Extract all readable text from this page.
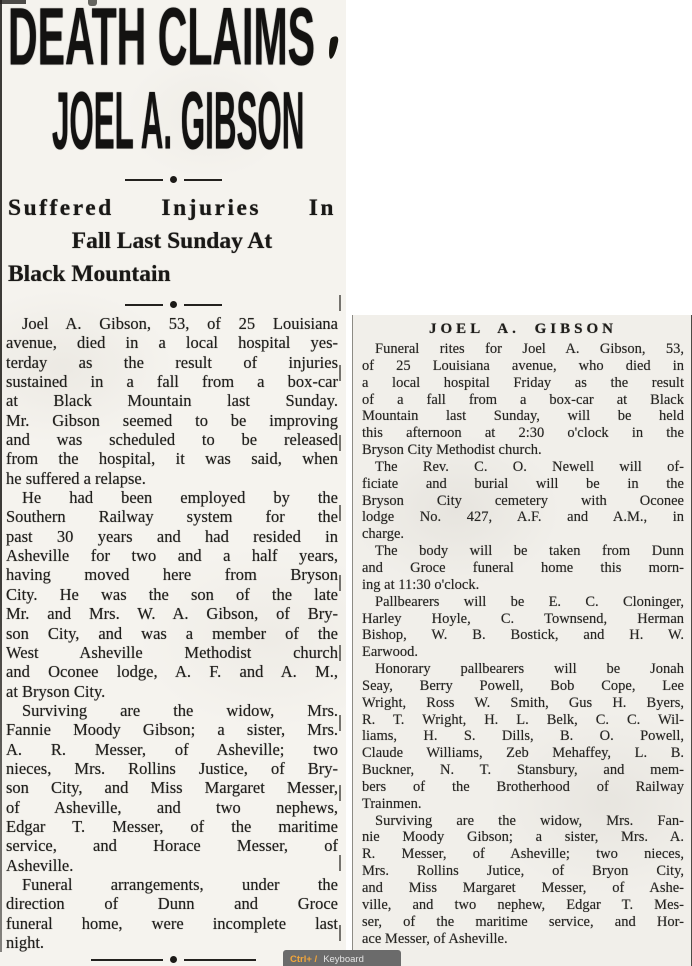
DEATH CLAIMS
JOEL A. GIBSON
Suffered Injuries In
Fall Last Sunday At
Black Mountain
Joel A. Gibson, 53, of 25 Louisiana
avenue, died in a local hospital yes-
terday as the result of injuries
sustained in a fall from a box-car
at Black Mountain last Sunday.
Mr. Gibson seemed to be improving
and was scheduled to be released
from the hospital, it was said, when
he suffered a relapse.
He had been employed by the
Southern Railway system for the
past 30 years and had resided in
Asheville for two and a half years,
having moved here from Bryson
City. He was the son of the late
Mr. and Mrs. W. A. Gibson, of Bry-
son City, and was a member of the
West Asheville Methodist church
and Oconee lodge, A. F. and A. M.,
at Bryson City.
Surviving are the widow, Mrs.
Fannie Moody Gibson; a sister, Mrs.
A. R. Messer, of Asheville; two
nieces, Mrs. Rollins Justice, of Bry-
son City, and Miss Margaret Messer,
of Asheville, and two nephews,
Edgar T. Messer, of the maritime
service, and Horace Messer, of
Asheville.
Funeral arrangements, under the
direction of Dunn and Groce
funeral home, were incomplete last
night.
JOEL A. GIBSON
Funeral rites for Joel A. Gibson, 53,
of 25 Louisiana avenue, who died in
a local hospital Friday as the result
of a fall from a box-car at Black
Mountain last Sunday, will be held
this afternoon at 2:30 o'clock in the
Bryson City Methodist church.
The Rev. C. O. Newell will of-
ficiate and burial will be in the
Bryson City cemetery with Oconee
lodge No. 427, A.F. and A.M., in
charge.
The body will be taken from Dunn
and Groce funeral home this morn-
ing at 11:30 o'clock.
Pallbearers will be E. C. Cloninger,
Harley Hoyle, C. Townsend, Herman
Bishop, W. B. Bostick, and H. W.
Earwood.
Honorary pallbearers will be Jonah
Seay, Berry Powell, Bob Cope, Lee
Wright, Ross W. Smith, Gus H. Byers,
R. T. Wright, H. L. Belk, C. C. Wil-
liams, H. S. Dills, B. O. Powell,
Claude Williams, Zeb Mehaffey, L. B.
Buckner, N. T. Stansbury, and mem-
bers of the Brotherhood of Railway
Trainmen.
Surviving are the widow, Mrs. Fan-
nie Moody Gibson; a sister, Mrs. A.
R. Messer, of Asheville; two nieces,
Mrs. Rollins Jutice, of Bryon City,
and Miss Margaret Messer, of Ashe-
ville, and two nephew, Edgar T. Mes-
ser, of the maritime service, and Hor-
ace Messer, of Asheville.
Ctrl+ / Keyboard
